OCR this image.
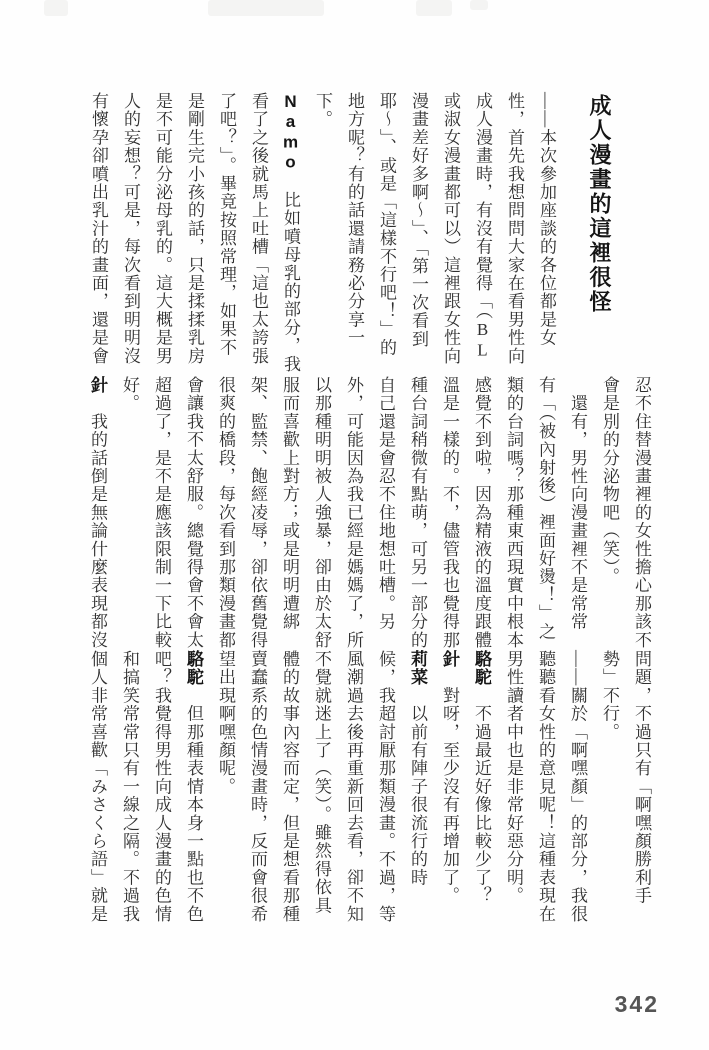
成人漫畫的這裡很怪

——本次參加座談的各位都是女

性，首先我想問問大家在看男性向

成人漫畫時，有沒有覺得「（BL

或淑女漫畫都可以）這裡跟女性向

漫畫差好多啊～」、「第一次看到

耶～」、或是「這樣不行吧！」的

地方呢？有的話還請務必分享一

下。

Namo　比如噴母乳的部分，我

看了之後就馬上吐槽「這也太誇張

了吧？」。畢竟按照常理，如果不

是剛生完小孩的話，只是揉揉乳房

是不可能分泌母乳的。這大概是男

人的妄想？可是，每次看到明明沒

有懷孕卻噴出乳汁的畫面，還是會

忍不住替漫畫裡的女性擔心那該不

會是別的分泌物吧（笑）。

　還有，男性向漫畫裡不是常常

有「（被內射後）裡面好燙！」之

類的台詞嗎？那種東西現實中根本

感覺不到啦，因為精液的溫度跟體

溫是一樣的。不，儘管我也覺得那

種台詞稍微有點萌，可另一部分的

自己還是會忍不住地想吐槽。另

外，可能因為我已經是媽媽了，所

以那種明明被人強暴，卻由於太舒

服而喜歡上對方；或是明明遭綁

架、監禁、飽經凌辱，卻依舊覺得

很爽的橋段，每次看到那類漫畫都

會讓我不太舒服。總覺得會不會太

超過了，是不是應該限制一下比較

好。

針　我的話倒是無論什麼表現都沒

問題，不過只有「啊嘿顏勝利手

勢」不行。

——關於「啊嘿顏」的部分，我很

聽聽看女性的意見呢！這種表現在

男性讀者中也是非常好惡分明。

駱駝　不過最近好像比較少了？

針　對呀，至少沒有再增加了。

莉菜　以前有陣子很流行的時

候，我超討厭那類漫畫。不過，等

風潮過去後再重新回去看，卻不知

不覺就迷上了（笑）。雖然得依具

體的故事內容而定，但是想看那種

賣蠢系的色情漫畫時，反而會很希

望出現啊嘿顏呢。

駱駝　但那種表情本身一點也不色

吧？我覺得男性向成人漫畫的色情

和搞笑常常只有一線之隔。不過我

個人非常喜歡「みさくら語」就是

342
